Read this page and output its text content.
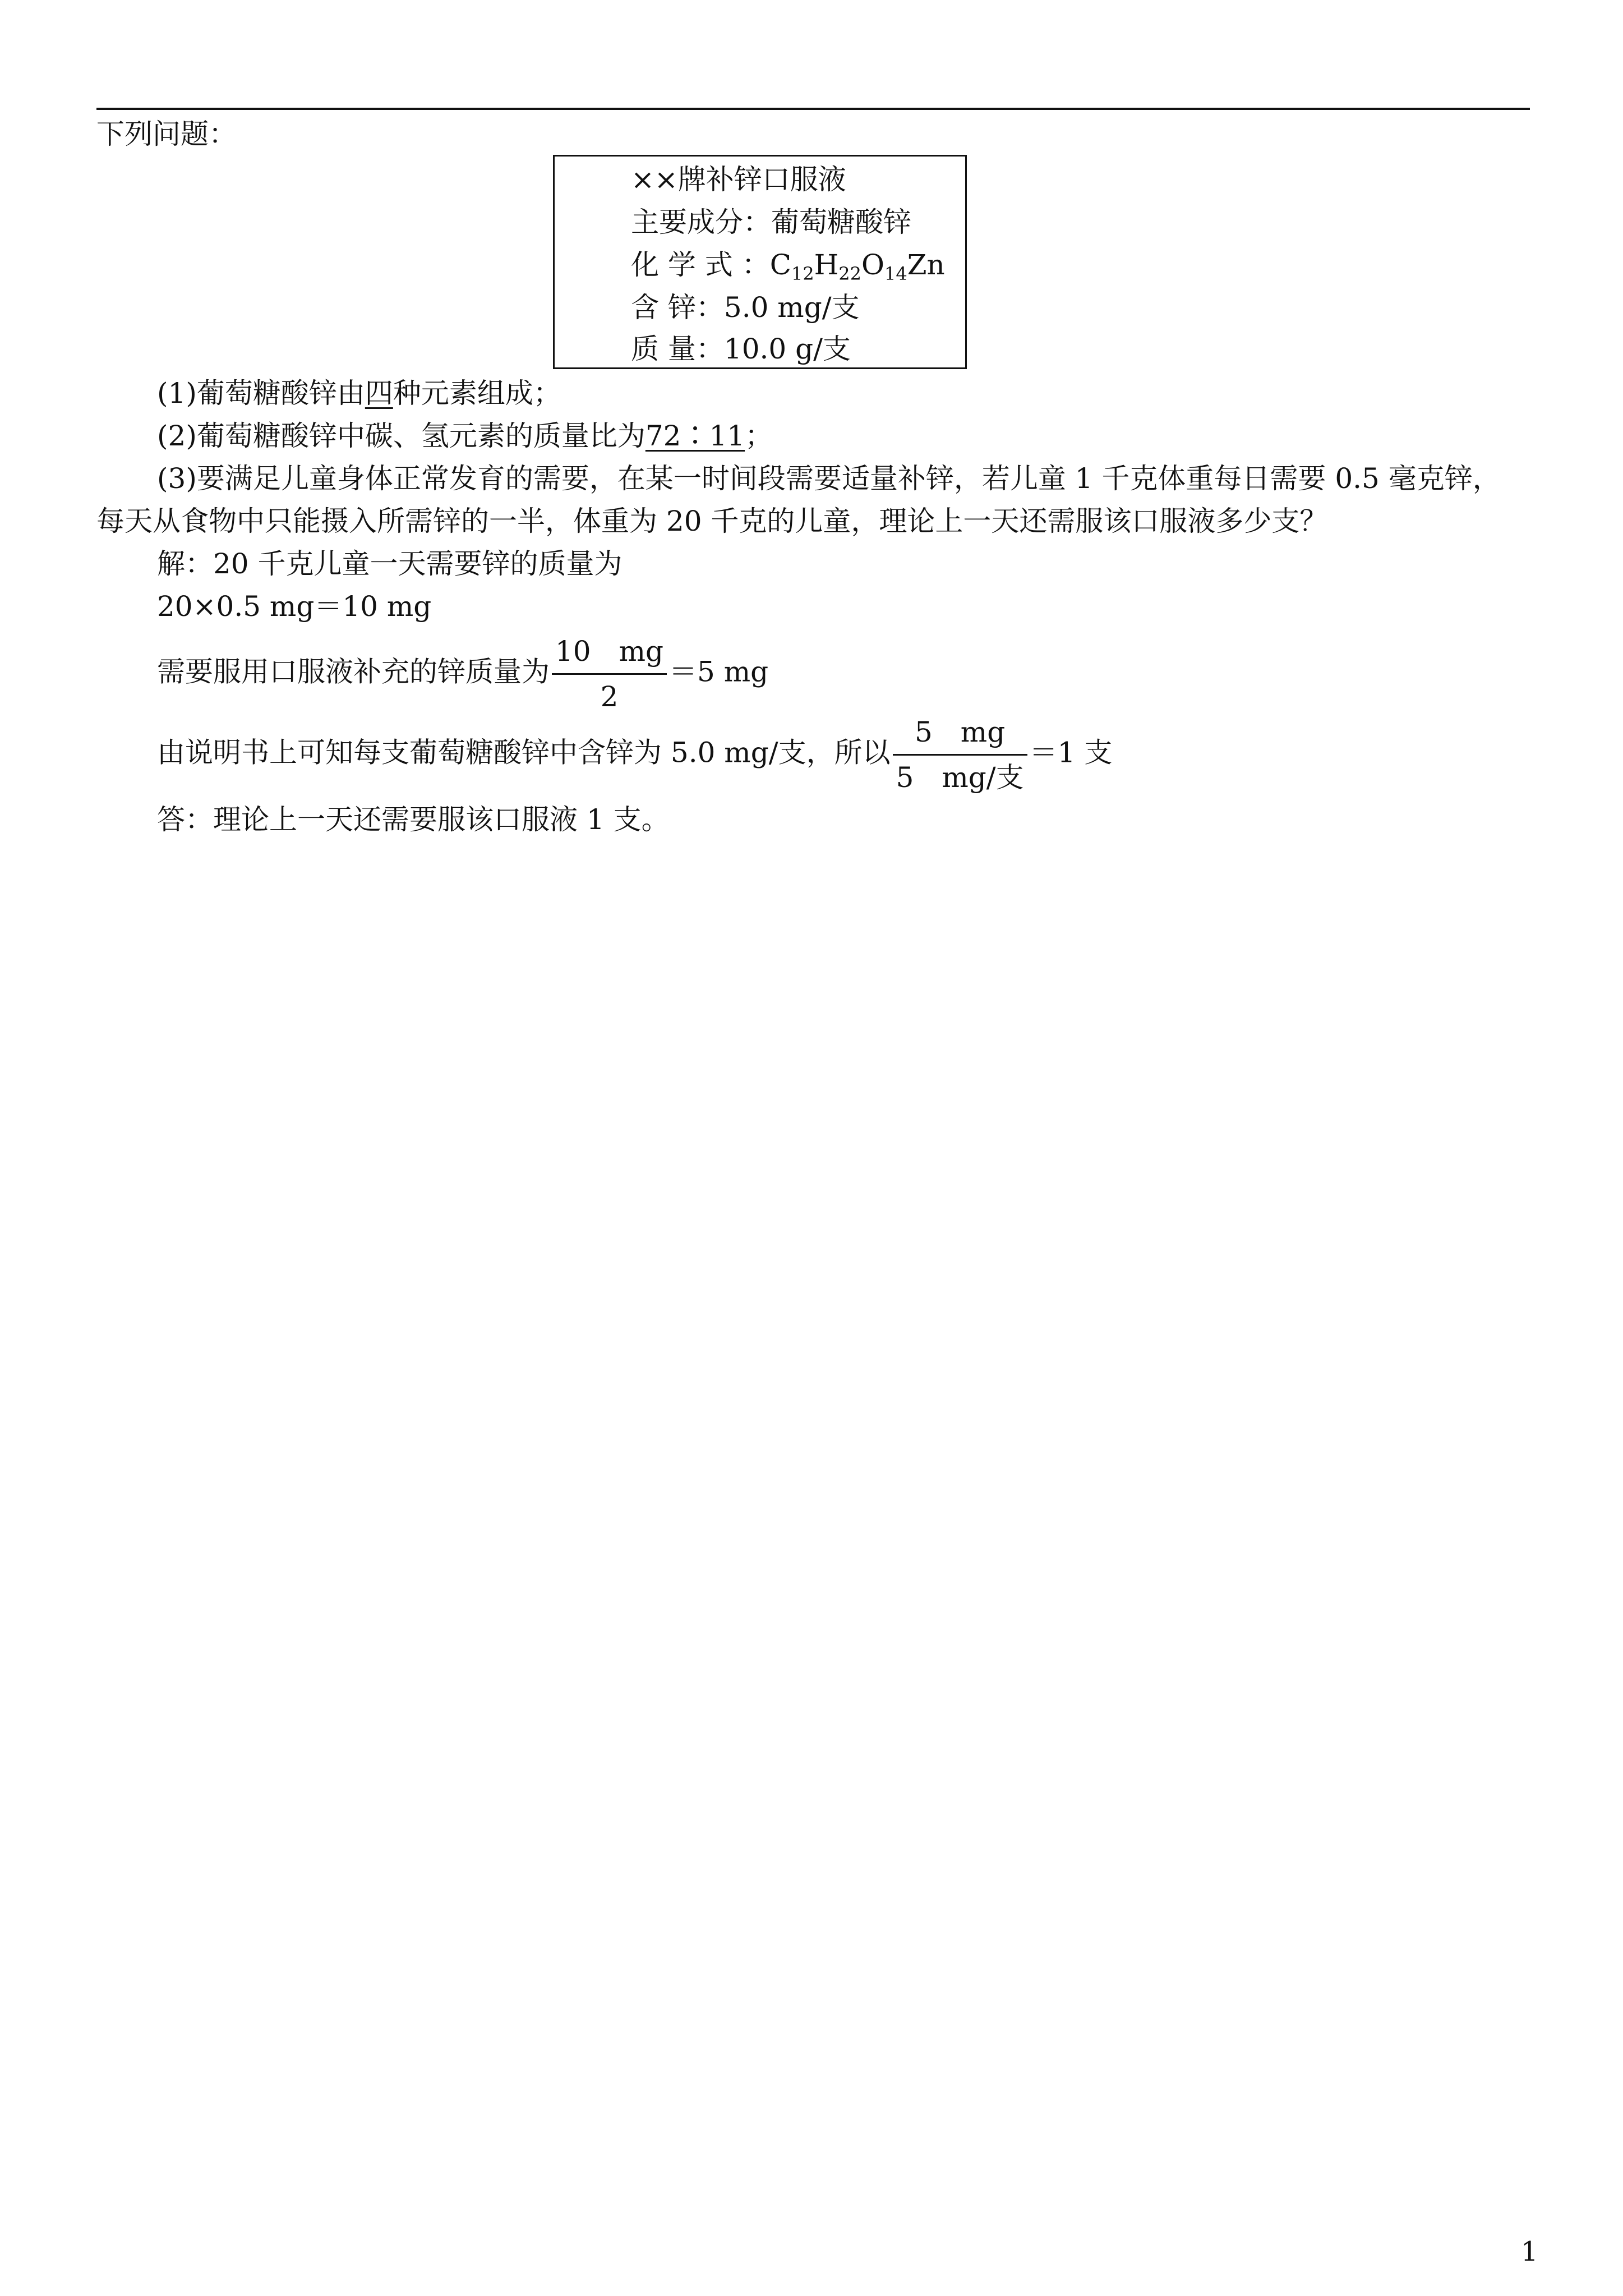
下列问题：
××牌补锌口服液
主要成分：葡萄糖酸锌
化 学 式 ：$C_{12}H_{22}O_{14}Zn$
含 锌：5.0 mg/支
质 量：10.0 g/支
(1)葡萄糖酸锌由四种元素组成；
(2)葡萄糖酸锌中碳、氢元素的质量比为72∶11；
(3)要满足儿童身体正常发育的需要，在某一时间段需要适量补锌，若儿童 1 千克体重每日需要 0.5 毫克锌，
每天从食物中只能摄入所需锌的一半，体重为 20 千克的儿童，理论上一天还需服该口服液多少支？
解：20 千克儿童一天需要锌的质量为
20×0.5 mg＝10 mg
需要服用口服液补充的锌质量为 $\frac{10 mg}{2} =5$ mg
由说明书上可知每支葡萄糖酸锌中含锌为 5.0 mg/支，所以 $\frac{5 mg}{\text{5　mg/支}} =1$ 支
答：理论上一天还需要服该口服液 1 支。
1
